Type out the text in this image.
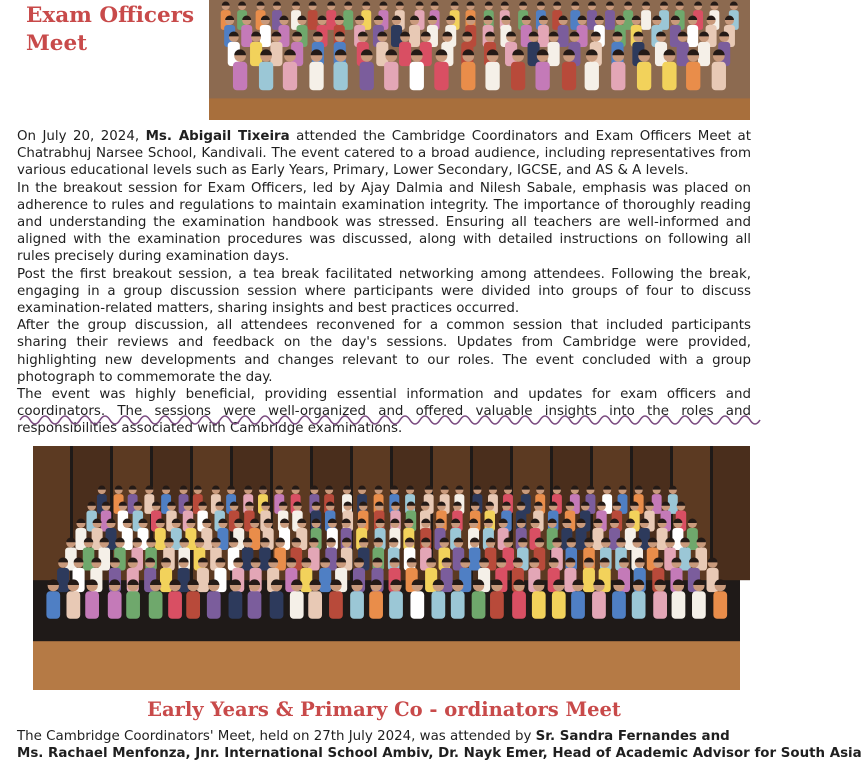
Exam Officers
Meet

On July 20, 2024, Ms. Abigail Tixeira attended the Cambridge Coordinators and Exam Officers Meet at Chatrabhuj Narsee School, Kandivali. The event catered to a broad audience, including representatives from various educational levels such as Early Years, Primary, Lower Secondary, IGCSE, and AS & A levels.

In the breakout session for Exam Officers, led by Ajay Dalmia and Nilesh Sabale, emphasis was placed on adherence to rules and regulations to maintain examination integrity. The importance of thoroughly reading and understanding the examination handbook was stressed. Ensuring all teachers are well-informed and aligned with the examination procedures was discussed, along with detailed instructions on following all rules precisely during examination days.

Post the first breakout session, a tea break facilitated networking among attendees. Following the break, engaging in a group discussion session where participants were divided into groups of four to discuss examination-related matters, sharing insights and best practices occurred.

After the group discussion, all attendees reconvened for a common session that included participants sharing their reviews and feedback on the day's sessions. Updates from Cambridge were provided, highlighting new developments and changes relevant to our roles. The event concluded with a group photograph to commemorate the day.

The event was highly beneficial, providing essential information and updates for exam officers and coordinators. The sessions were well-organized and offered valuable insights into the roles and responsibilities associated with Cambridge examinations.

Early Years & Primary Co - ordinators Meet
The Cambridge Coordinators' Meet, held on 27th July 2024, was attended by Sr. Sandra Fernandes and
Ms. Rachael Menfonza, Jnr. International School Ambiv, Dr. Nayk Emer, Head of Academic Advisor for South Asia
